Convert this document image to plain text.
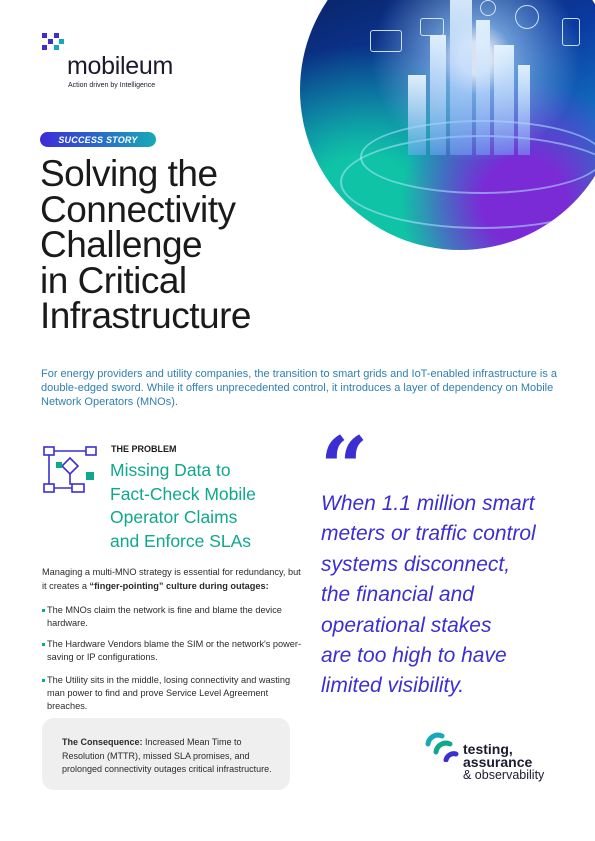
mobileum
Action driven by Intelligence
SUCCESS STORY
Solving the
Connectivity
Challenge
in Critical
Infrastructure
For energy providers and utility companies, the transition to smart grids and IoT-enabled infrastructure is a double-edged sword. While it offers unprecedented control, it introduces a layer of dependency on Mobile Network Operators (MNOs).
THE PROBLEM
Missing Data to
Fact-Check Mobile
Operator Claims
and Enforce SLAs
Managing a multi-MNO strategy is essential for redundancy, but it creates a “finger-pointing” culture during outages:
The MNOs claim the network is fine and blame the device hardware.
The Hardware Vendors blame the SIM or the network's power-saving or IP configurations.
The Utility sits in the middle, losing connectivity and wasting man power to find and prove Service Level Agreement breaches.
The Consequence: Increased Mean Time to Resolution (MTTR), missed SLA promises, and prolonged connectivity outages critical infrastructure.
“
When 1.1 million smart
meters or traffic control
systems disconnect,
the financial and
operational stakes
are too high to have
limited visibility.
testing,
assurance
& observability
